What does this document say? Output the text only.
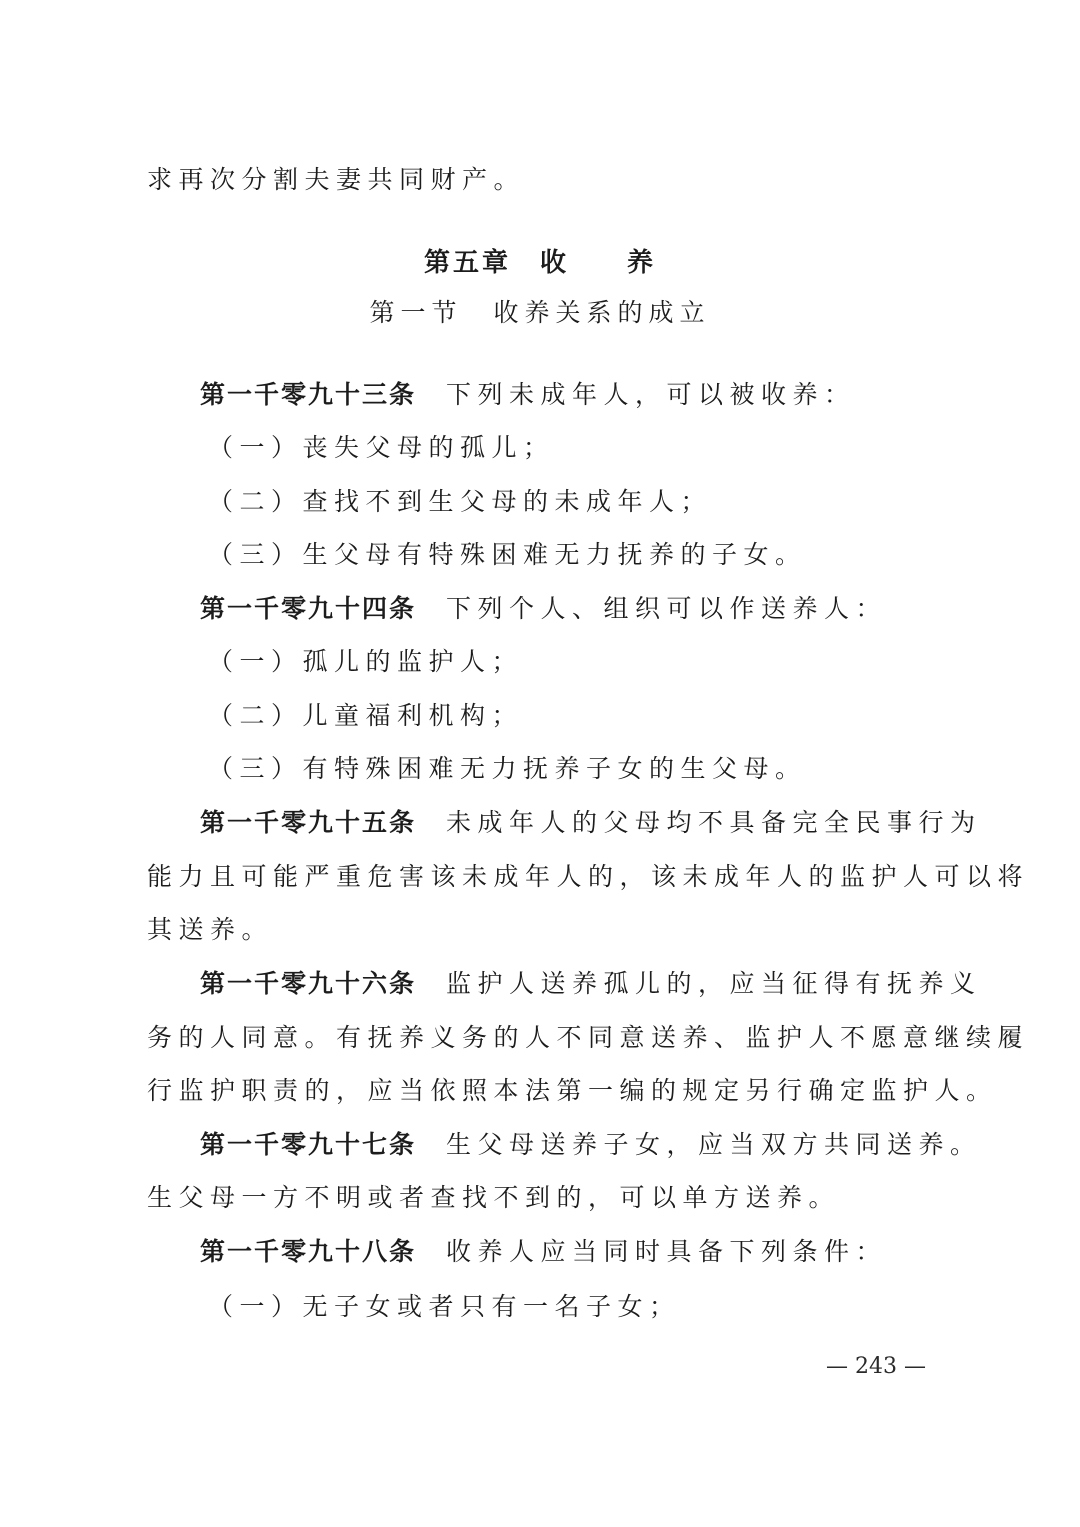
求再次分割夫妻共同财产。
第五章　收　　养
第一节　收养关系的成立
第一千零九十三条 下列未成年人，可以被收养：
（一）丧失父母的孤儿；
（二）查找不到生父母的未成年人；
（三）生父母有特殊困难无力抚养的子女。
第一千零九十四条 下列个人、组织可以作送养人：
（一）孤儿的监护人；
（二）儿童福利机构；
（三）有特殊困难无力抚养子女的生父母。
第一千零九十五条 未成年人的父母均不具备完全民事行为
能力且可能严重危害该未成年人的，该未成年人的监护人可以将
其送养。
第一千零九十六条 监护人送养孤儿的，应当征得有抚养义
务的人同意。有抚养义务的人不同意送养、监护人不愿意继续履
行监护职责的，应当依照本法第一编的规定另行确定监护人。
第一千零九十七条 生父母送养子女，应当双方共同送养。
生父母一方不明或者查找不到的，可以单方送养。
第一千零九十八条 收养人应当同时具备下列条件：
（一）无子女或者只有一名子女；
— 243 —
